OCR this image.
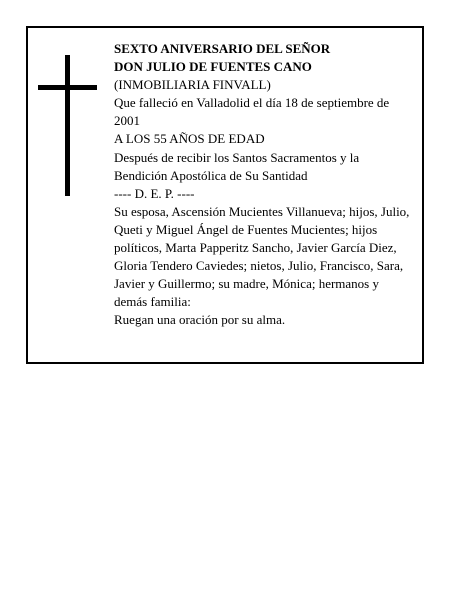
SEXTO ANIVERSARIO DEL SEÑOR

DON JULIO DE FUENTES CANO

(INMOBILIARIA FINVALL)

Que falleció en Valladolid el día 18 de septiembre de 2001

A LOS 55 AÑOS DE EDAD

Después de recibir los Santos Sacramentos y la Bendición Apostólica de Su Santidad

---- D. E. P. ----

Su esposa, Ascensión Mucientes Villanueva; hijos, Julio, Queti y Miguel Ángel de Fuentes Mucientes; hijos políticos, Marta Papperitz Sancho, Javier García Diez, Gloria Tendero Caviedes; nietos, Julio, Francisco, Sara, Javier y Guillermo; su madre, Mónica; hermanos y demás familia:

Ruegan una oración por su alma.
